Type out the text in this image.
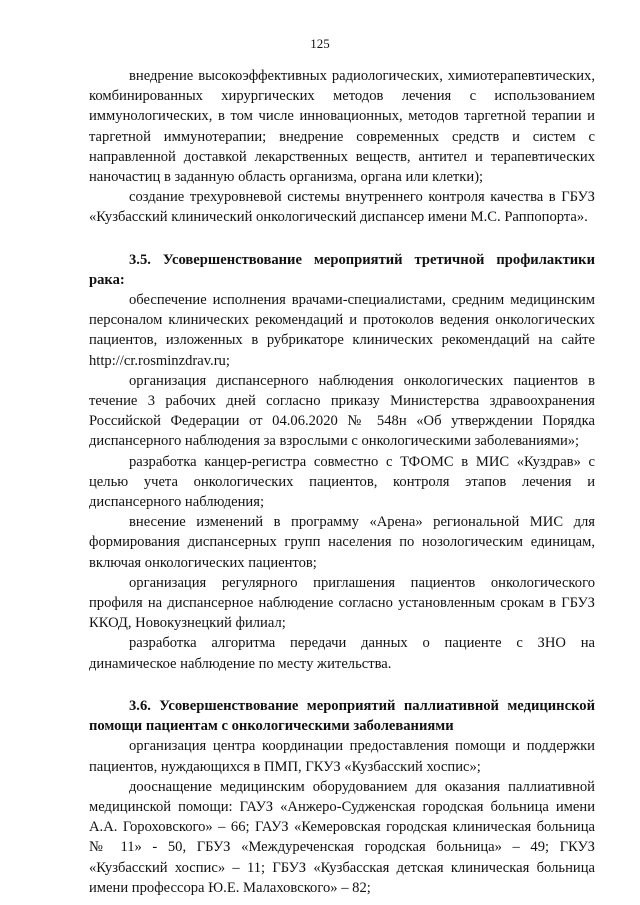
125

внедрение высокоэффективных радиологических, химиотерапевтических, комбинированных хирургических методов лечения с использованием иммунологических, в том числе инновационных, методов таргетной терапии и таргетной иммунотерапии; внедрение современных средств и систем с направленной доставкой лекарственных веществ, антител и терапевтических наночастиц в заданную область организма, органа или клетки);

создание трехуровневой системы внутреннего контроля качества в ГБУЗ «Кузбасский клинический онкологический диспансер имени М.С. Раппопорта».

3.5. Усовершенствование мероприятий третичной профилактики рака:

обеспечение исполнения врачами-специалистами, средним медицинским персоналом клинических рекомендаций и протоколов ведения онкологических пациентов, изложенных в рубрикаторе клинических рекомендаций на сайте http://cr.rosminzdrav.ru;

организация диспансерного наблюдения онкологических пациентов в течение 3 рабочих дней согласно приказу Министерства здравоохранения Российской Федерации от 04.06.2020 № 548н «Об утверждении Порядка диспансерного наблюдения за взрослыми с онкологическими заболеваниями»;

разработка канцер-регистра совместно с ТФОМС в МИС «Куздрав» с целью учета онкологических пациентов, контроля этапов лечения и диспансерного наблюдения;

внесение изменений в программу «Арена» региональной МИС для формирования диспансерных групп населения по нозологическим единицам, включая онкологических пациентов;

организация регулярного приглашения пациентов онкологического профиля на диспансерное наблюдение согласно установленным срокам в ГБУЗ ККОД, Новокузнецкий филиал;

разработка алгоритма передачи данных о пациенте с ЗНО на динамическое наблюдение по месту жительства.

3.6. Усовершенствование мероприятий паллиативной медицинской помощи пациентам с онкологическими заболеваниями

организация центра координации предоставления помощи и поддержки пациентов, нуждающихся в ПМП, ГКУЗ «Кузбасский хоспис»;

дооснащение медицинским оборудованием для оказания паллиативной медицинской помощи: ГАУЗ «Анжеро-Судженская городская больница имени А.А. Гороховского» – 66; ГАУЗ «Кемеровская городская клиническая больница № 11» - 50, ГБУЗ «Междуреченская городская больница» – 49; ГКУЗ «Кузбасский хоспис» – 11; ГБУЗ «Кузбасская детская клиническая больница имени профессора Ю.Е. Малаховского» – 82;
